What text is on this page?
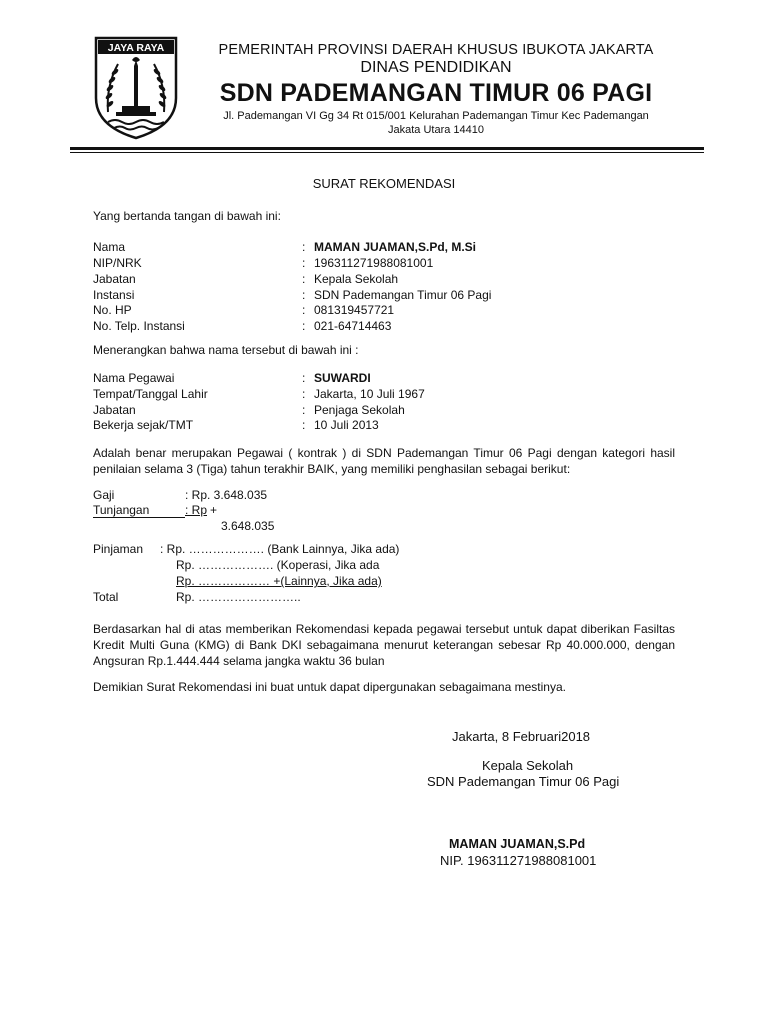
JAYA RAYA	PEMERINTAH PROVINSI DAERAH KHUSUS IBUKOTA JAKARTA
DINAS PENDIDIKAN
SDN PADEMANGAN TIMUR 06 PAGI
Jl. Pademangan VI Gg 34 Rt 015/001 Kelurahan Pademangan Timur Kec Pademangan
Jakata Utara 14410
SURAT REKOMENDASI
Yang bertanda tangan di bawah ini:
Nama	: MAMAN JUAMAN,S.Pd, M.Si
NIP/NRK	: 196311271988081001
Jabatan	: Kepala Sekolah
Instansi	: SDN Pademangan Timur 06 Pagi
No. HP	: 081319457721
No. Telp. Instansi	: 021-64714463
Menerangkan bahwa nama tersebut di bawah ini :
Nama Pegawai	: SUWARDI
Tempat/Tanggal Lahir	: Jakarta, 10 Juli 1967
Jabatan	: Penjaga Sekolah
Bekerja sejak/TMT	: 10 Juli 2013
Adalah benar merupakan Pegawai ( kontrak ) di SDN Pademangan Timur 06 Pagi dengan kategori hasil penilaian selama 3 (Tiga) tahun terakhir BAIK, yang memiliki penghasilan sebagai berikut:
Gaji	: Rp. 3.648.035
Tunjangan	: Rp +
3.648.035
Pinjaman : Rp. ………………. (Bank Lainnya, Jika ada)
Rp. ………………. (Koperasi, Jika ada
Rp. ……………… +(Lainnya, Jika ada)
Total	Rp. ……………………..
Berdasarkan hal di atas memberikan Rekomendasi kepada pegawai tersebut untuk dapat diberikan Fasiltas Kredit Multi Guna (KMG) di Bank DKI sebagaimana menurut keterangan sebesar Rp 40.000.000, dengan Angsuran Rp.1.444.444 selama jangka waktu 36 bulan
Demikian Surat Rekomendasi ini buat untuk dapat dipergunakan sebagaimana mestinya.
Jakarta, 8 Februari2018
Kepala Sekolah
SDN Pademangan Timur 06 Pagi
MAMAN JUAMAN,S.Pd
NIP. 196311271988081001
